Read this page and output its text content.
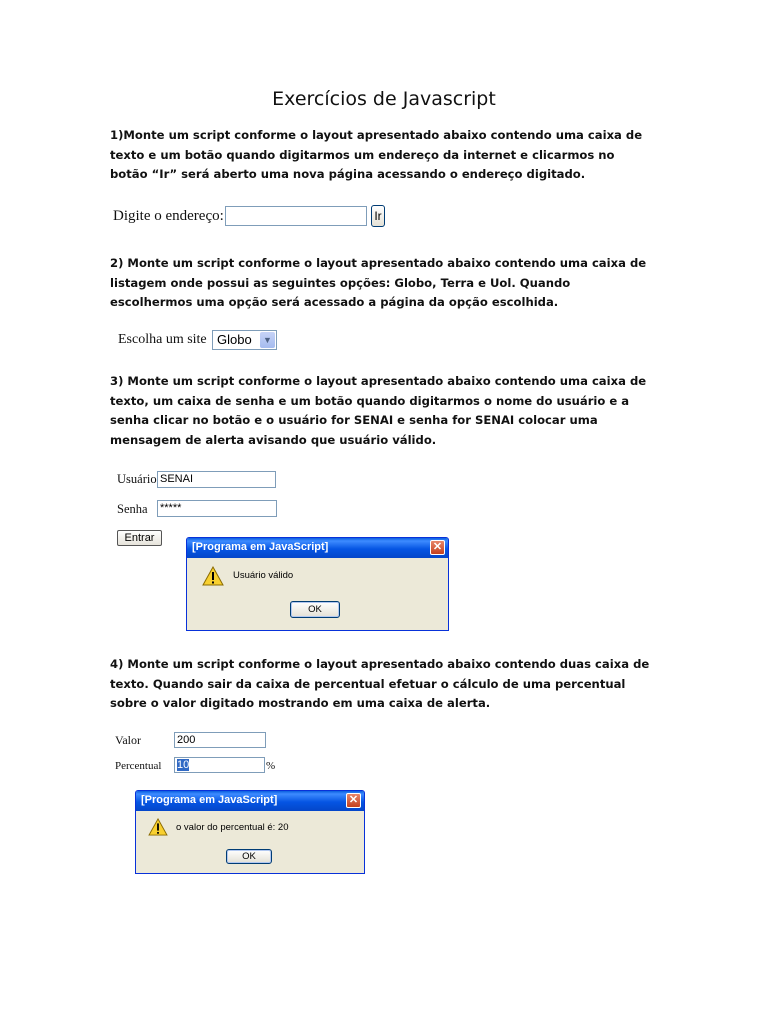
Exercícios de Javascript
1)Monte um script conforme o layout apresentado abaixo contendo uma caixa de texto e um botão quando digitarmos um endereço da internet e clicarmos no botão “Ir” será aberto uma nova página acessando o endereço digitado.
Digite o endereço:	Ir
2) Monte um script conforme o layout apresentado abaixo contendo uma caixa de listagem onde possui as seguintes opções: Globo, Terra e Uol. Quando escolhermos uma opção será acessado a página da opção escolhida.
Escolha um site Globo	▼
3) Monte um script conforme o layout apresentado abaixo contendo uma caixa de texto, um caixa de senha e um botão quando digitarmos o nome do usuário e a senha clicar no botão e o usuário for SENAI e senha for SENAI colocar uma mensagem de alerta avisando que usuário válido.
Usuário SENAI
Senha *****
Entrar
[Programa em JavaScript]	✕
Usuário válido
OK
4) Monte um script conforme o layout apresentado abaixo contendo duas caixa de texto. Quando sair da caixa de percentual efetuar o cálculo de uma percentual sobre o valor digitado mostrando em uma caixa de alerta.
Valor	200
Percentual 10	%
[Programa em JavaScript]	✕
o valor do percentual é: 20
OK
